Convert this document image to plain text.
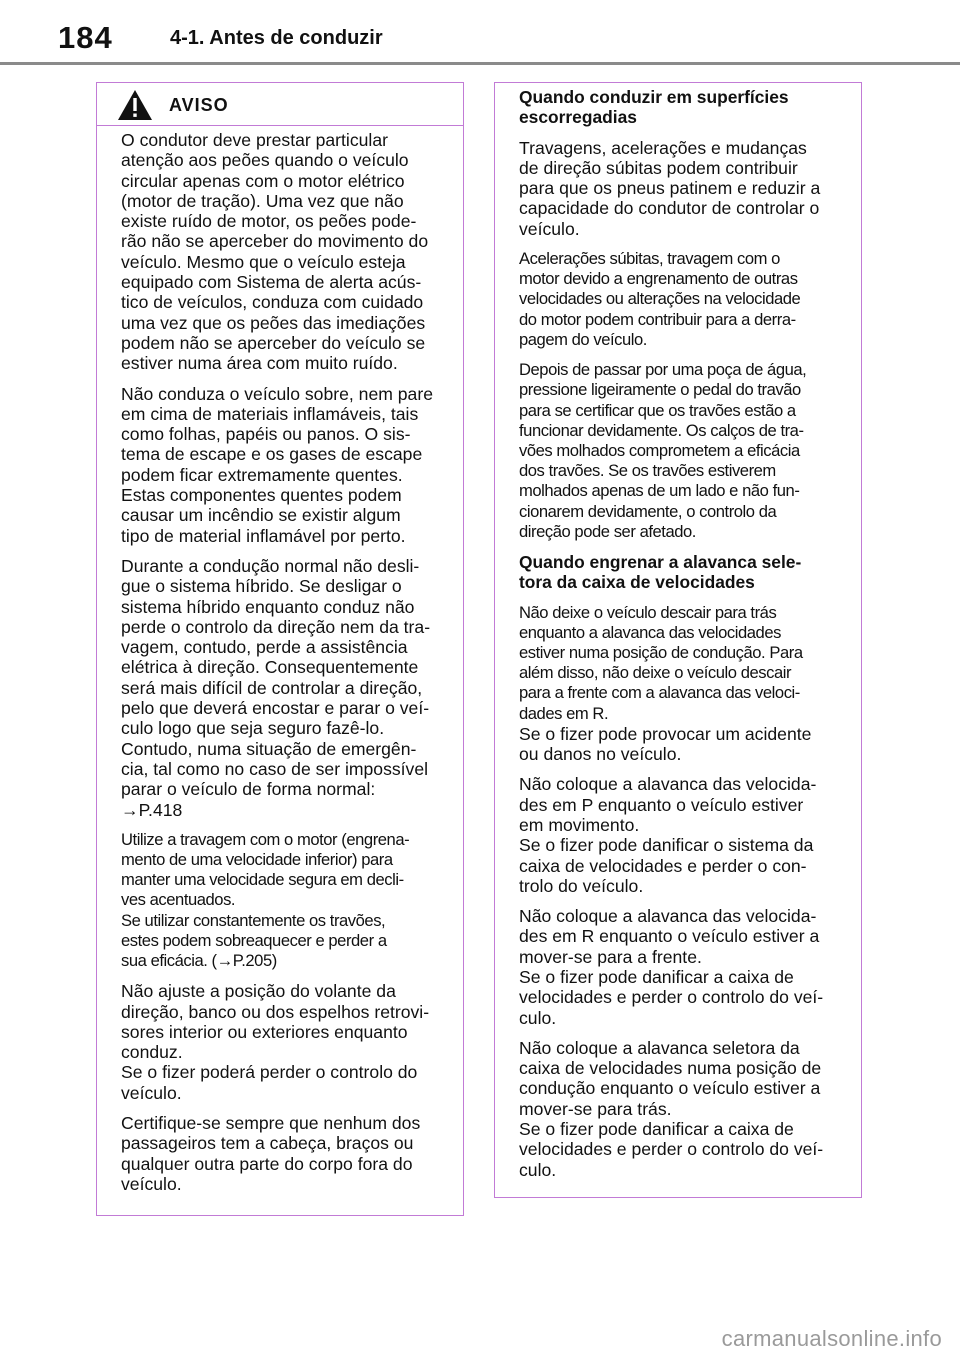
184	4-1. Antes de conduzir
AVISO

O condutor deve prestar particular
atenção aos peões quando o veículo
circular apenas com o motor elétrico
(motor de tração). Uma vez que não
existe ruído de motor, os peões pode-
rão não se aperceber do movimento do
veículo. Mesmo que o veículo esteja
equipado com Sistema de alerta acús-
tico de veículos, conduza com cuidado
uma vez que os peões das imediações
podem não se aperceber do veículo se
estiver numa área com muito ruído.

Não conduza o veículo sobre, nem pare
em cima de materiais inflamáveis, tais
como folhas, papéis ou panos. O sis-
tema de escape e os gases de escape
podem ficar extremamente quentes.
Estas componentes quentes podem
causar um incêndio se existir algum
tipo de material inflamável por perto.

Durante a condução normal não desli-
gue o sistema híbrido. Se desligar o
sistema híbrido enquanto conduz não
perde o controlo da direção nem da tra-
vagem, contudo, perde a assistência
elétrica à direção. Consequentemente
será mais difícil de controlar a direção,
pelo que deverá encostar e parar o veí-
culo logo que seja seguro fazê-lo.
Contudo, numa situação de emergên-
cia, tal como no caso de ser impossível
parar o veículo de forma normal:
→P.418

Utilize a travagem com o motor (engrena-
mento de uma velocidade inferior) para
manter uma velocidade segura em decli-
ves acentuados.
Se utilizar constantemente os travões,
estes podem sobreaquecer e perder a
sua eficácia. (→P.205)

Não ajuste a posição do volante da
direção, banco ou dos espelhos retrovi-
sores interior ou exteriores enquanto
conduz.
Se o fizer poderá perder o controlo do
veículo.

Certifique-se sempre que nenhum dos
passageiros tem a cabeça, braços ou
qualquer outra parte do corpo fora do
veículo.

Quando conduzir em superfícies
escorregadias

Travagens, acelerações e mudanças
de direção súbitas podem contribuir
para que os pneus patinem e reduzir a
capacidade do condutor de controlar o
veículo.

Acelerações súbitas, travagem com o
motor devido a engrenamento de outras
velocidades ou alterações na velocidade
do motor podem contribuir para a derra-
pagem do veículo.

Depois de passar por uma poça de água,
pressione ligeiramente o pedal do travão
para se certificar que os travões estão a
funcionar devidamente. Os calços de tra-
vões molhados comprometem a eficácia
dos travões. Se os travões estiverem
molhados apenas de um lado e não fun-
cionarem devidamente, o controlo da
direção pode ser afetado.

Quando engrenar a alavanca sele-
tora da caixa de velocidades

Não deixe o veículo descair para trás
enquanto a alavanca das velocidades
estiver numa posição de condução. Para
além disso, não deixe o veículo descair
para a frente com a alavanca das veloci-
dades em R.

Se o fizer pode provocar um acidente
ou danos no veículo.

Não coloque a alavanca das velocida-
des em P enquanto o veículo estiver
em movimento.
Se o fizer pode danificar o sistema da
caixa de velocidades e perder o con-
trolo do veículo.

Não coloque a alavanca das velocida-
des em R enquanto o veículo estiver a
mover-se para a frente.
Se o fizer pode danificar a caixa de
velocidades e perder o controlo do veí-
culo.

Não coloque a alavanca seletora da
caixa de velocidades numa posição de
condução enquanto o veículo estiver a
mover-se para trás.
Se o fizer pode danificar a caixa de
velocidades e perder o controlo do veí-
culo.

carmanualsonline.info
